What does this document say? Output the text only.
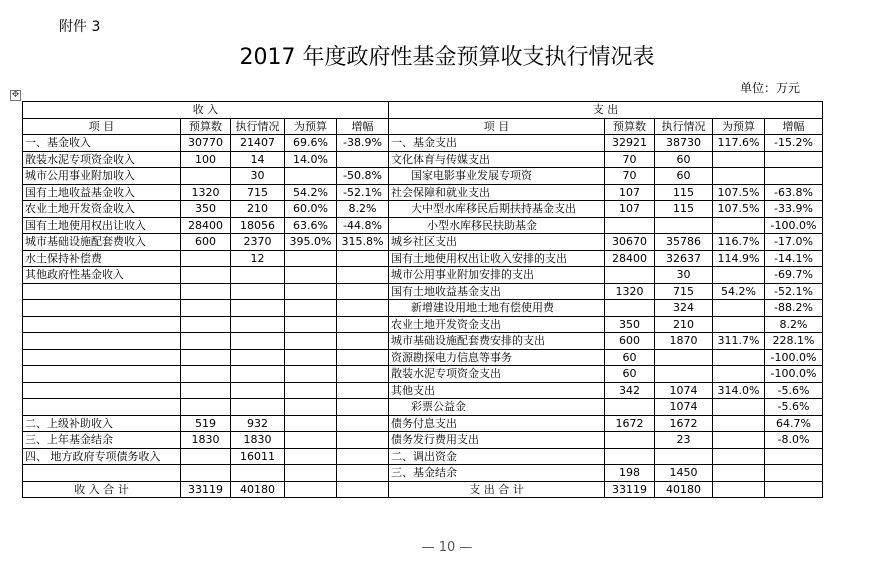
附件 3
2017 年度政府性基金预算收支执行情况表
单位：万元
✥
收 入					支 出				
项 目	预算数	执行情况	为预算	增幅	项 目	预算数	执行情况	为预算	增幅
一、基金收入	30770	21407	69.6%	-38.9%	一、基金支出	32921	38730	117.6%	-15.2%
散装水泥专项资金收入	100	14	14.0%		文化体育与传媒支出	70	60		
城市公用事业附加收入		30		-50.8%	国家电影事业发展专项资	70	60		
国有土地收益基金收入	1320	715	54.2%	-52.1%	社会保障和就业支出	107	115	107.5%	-63.8%
农业土地开发资金收入	350	210	60.0%	8.2%	大中型水库移民后期扶持基金支出	107	115	107.5%	-33.9%
国有土地使用权出让收入	28400	18056	63.6%	-44.8%	小型水库移民扶助基金				-100.0%
城市基础设施配套费收入	600	2370	395.0%	315.8%	城乡社区支出	30670	35786	116.7%	-17.0%
水土保持补偿费		12			国有土地使用权出让收入安排的支出	28400	32637	114.9%	-14.1%
其他政府性基金收入					城市公用事业附加安排的支出		30		-69.7%
					国有土地收益基金支出	1320	715	54.2%	-52.1%
					新增建设用地土地有偿使用费		324		-88.2%
					农业土地开发资金支出	350	210		8.2%
					城市基础设施配套费安排的支出	600	1870	311.7%	228.1%
					资源勘探电力信息等事务	60			-100.0%
					散装水泥专项资金支出	60			-100.0%
					其他支出	342	1074	314.0%	-5.6%
					彩票公益金		1074		-5.6%
二、上级补助收入	519	932			债务付息支出	1672	1672		64.7%
三、上年基金结余	1830	1830			债务发行费用支出		23		-8.0%
四、 地方政府专项债务收入		16011			二、调出资金				
					三、基金结余	198	1450		
收 入 合 计	33119	40180			支 出 合 计	33119	40180		
— 10 —
